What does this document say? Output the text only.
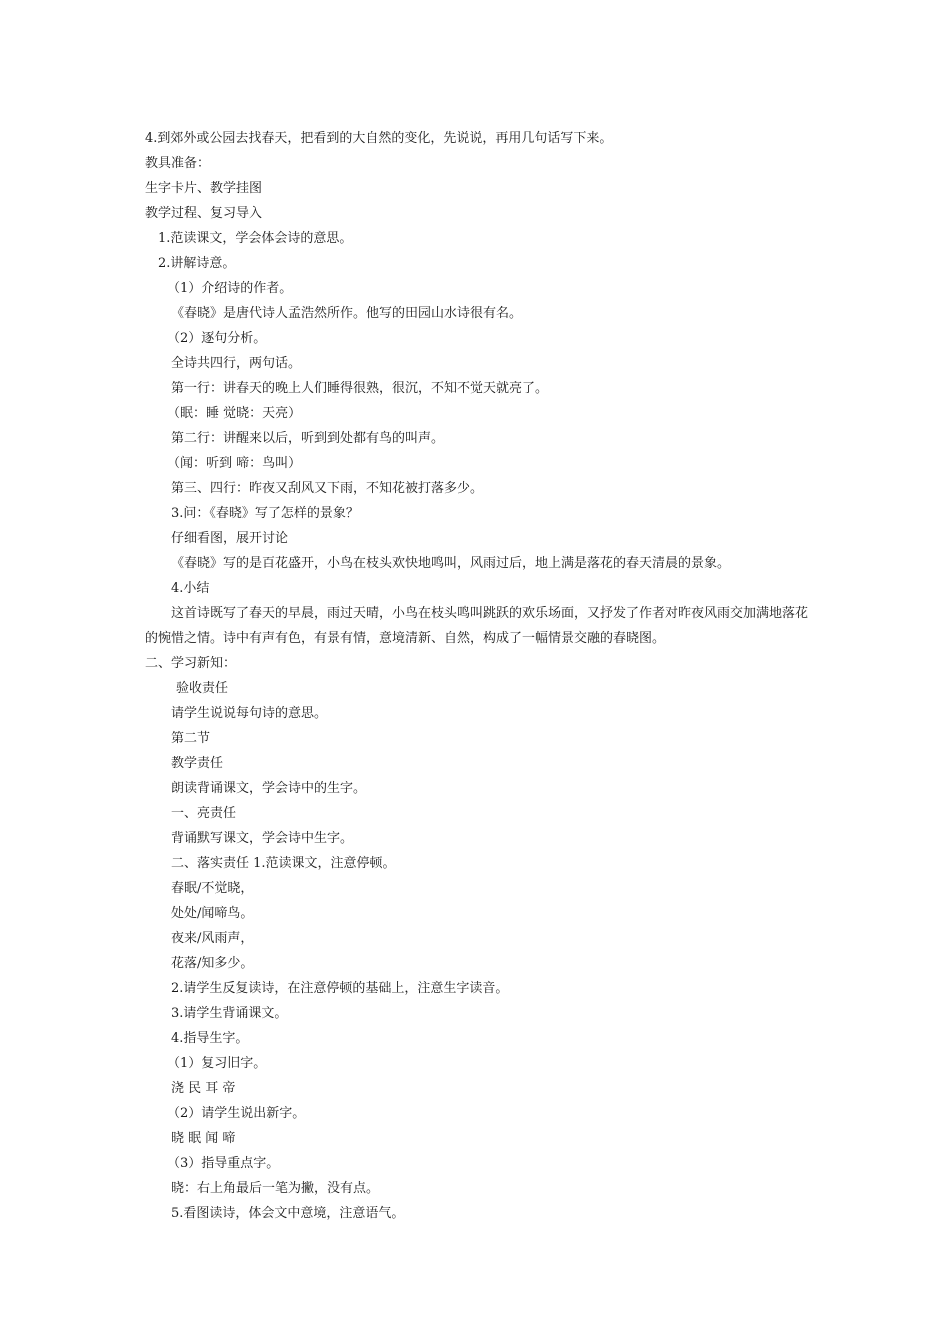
4.到郊外或公园去找春天，把看到的大自然的变化，先说说，再用几句话写下来。
教具准备：
生字卡片、教学挂图
教学过程、复习导入
1.范读课文，学会体会诗的意思。
2.讲解诗意。
（1）介绍诗的作者。
《春晓》是唐代诗人孟浩然所作。他写的田园山水诗很有名。
（2）逐句分析。
全诗共四行，两句话。
第一行：讲春天的晚上人们睡得很熟，很沉，不知不觉天就亮了。
（眠：睡 觉晓：天亮）
第二行：讲醒来以后，听到到处都有鸟的叫声。
（闻：听到 啼：鸟叫）
第三、四行：昨夜又刮风又下雨，不知花被打落多少。
3.问：《春晓》写了怎样的景象？
仔细看图，展开讨论
《春晓》写的是百花盛开，小鸟在枝头欢快地鸣叫，风雨过后，地上满是落花的春天清晨的景象。
4.小结
这首诗既写了春天的早晨，雨过天晴，小鸟在枝头鸣叫跳跃的欢乐场面，又抒发了作者对昨夜风雨交加满地落花的惋惜之情。诗中有声有色，有景有情，意境清新、自然，构成了一幅情景交融的春晓图。
二、学习新知：
验收责任
请学生说说每句诗的意思。
第二节
教学责任
朗读背诵课文，学会诗中的生字。
一、亮责任
背诵默写课文，学会诗中生字。
二、落实责任 1.范读课文，注意停顿。
春眠/不觉晓，
处处/闻啼鸟。
夜来/风雨声，
花落/知多少。
2.请学生反复读诗，在注意停顿的基础上，注意生字读音。
3.请学生背诵课文。
4.指导生字。
（1）复习旧字。
浇 民 耳 帝
（2）请学生说出新字。
晓 眠 闻 啼
（3）指导重点字。
晓：右上角最后一笔为撇，没有点。
5.看图读诗，体会文中意境，注意语气。
